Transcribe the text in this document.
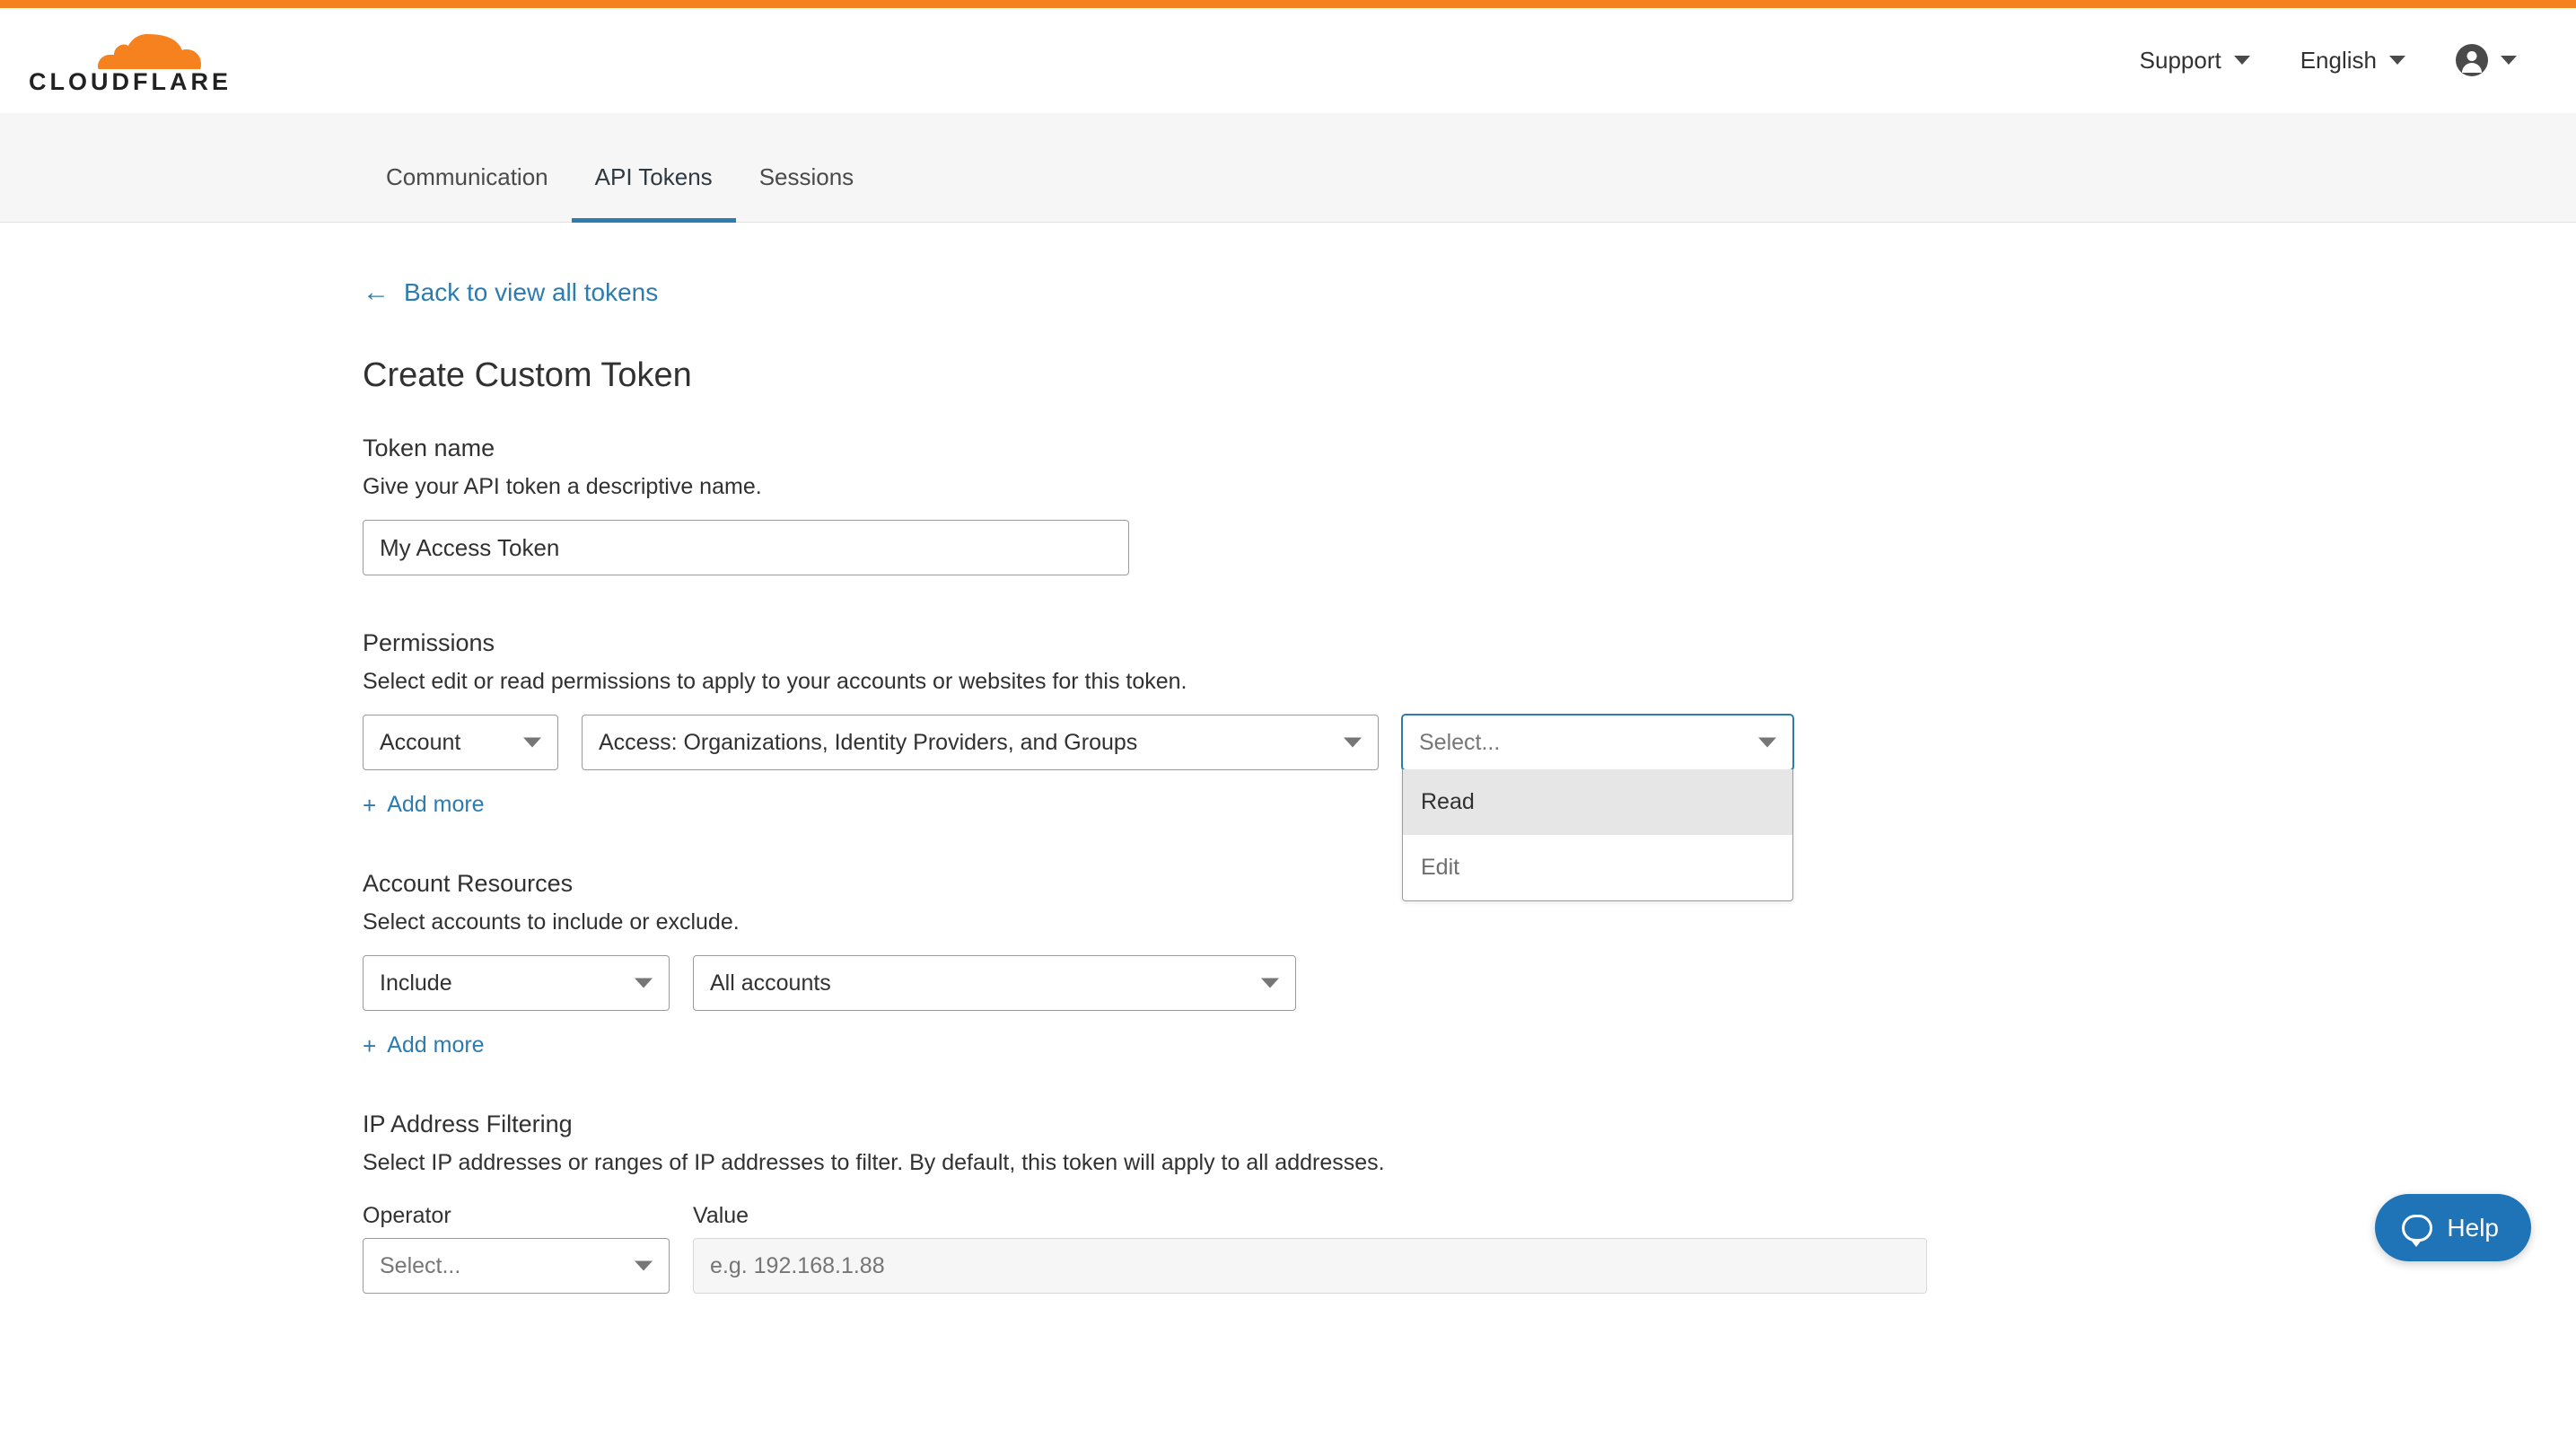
CLOUDFLARE
Support	English
Communication	API Tokens	Sessions
← Back to view all tokens
Create Custom Token
Token name
Give your API token a descriptive name.
My Access Token
Permissions
Select edit or read permissions to apply to your accounts or websites for this token.
Account	Access: Organizations, Identity Providers, and Groups	Select...
Read
Edit
+ Add more
Account Resources
Select accounts to include or exclude.
Include	All accounts
+ Add more
IP Address Filtering
Select IP addresses or ranges of IP addresses to filter. By default, this token will apply to all addresses.
Operator
Select...
Value
e.g. 192.168.1.88	Help
